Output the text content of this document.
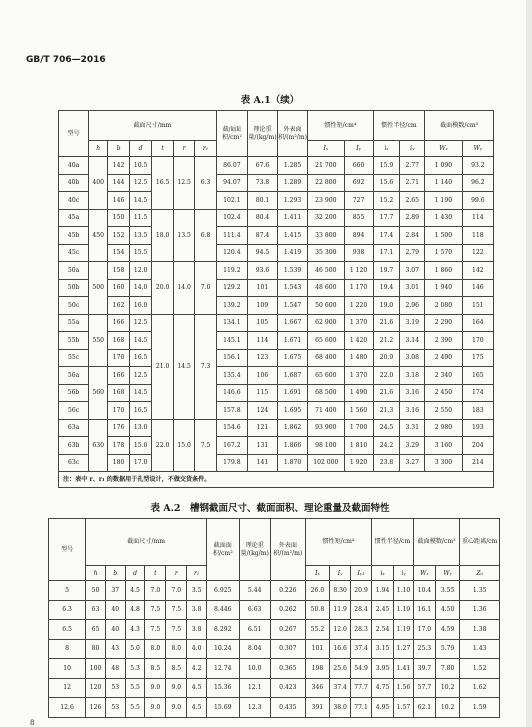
GB/T 706—2016
表 A.1（续）
型号	截面尺寸/mm						截面面积/cm²	理论重量/(kg/m)	外表面积/(m²/m)	惯性矩/cm⁴		惯性半径/cm		截面模数/cm³	
	h	b	d	t	r	r₁				Iₓ	Iᵧ	iₓ	iᵧ	Wₓ	Wᵧ
40a	400	142	10.5	16.5	12.5	6.3	86.07	67.6	1.285	21 700	660	15.9	2.77	1 090	93.2
40b		144	12.5				94.07	73.8	1.289	22 800	692	15.6	2.71	1 140	96.2
40c		146	14.5				102.1	80.1	1.293	23 900	727	15.2	2.65	1 190	99.6
45a	450	150	11.5	18.0	13.5	6.8	102.4	80.4	1.411	32 200	855	17.7	2.89	1 430	114
45b		152	13.5				111.4	87.4	1.415	33 800	894	17.4	2.84	1 500	118
45c		154	15.5				120.4	94.5	1.419	35 300	938	17.1	2.79	1 570	122
50a	500	158	12.0	20.0	14.0	7.0	119.2	93.6	1.539	46 500	1 120	19.7	3.07	1 860	142
50b		160	14.0				129.2	101	1.543	48 600	1 170	19.4	3.01	1 940	146
50c		162	16.0				139.2	109	1.547	50 600	1 220	19.0	2.96	2 080	151
55a	550	166	12.5	21.0	14.5	7.3	134.1	105	1.667	62 900	1 370	21.6	3.19	2 290	164
55b		168	14.5				145.1	114	1.671	65 600	1 420	21.2	3.14	2 390	170
55c		170	16.5				156.1	123	1.675	68 400	1 480	20.9	3.08	2 490	175
56a	560	166	12.5				135.4	106	1.687	65 600	1 370	22.0	3.18	2 340	165
56b		168	14.5				146.6	115	1.691	68 500	1 490	21.6	3.16	2 450	174
56c		170	16.5				157.8	124	1.695	71 400	1 560	21.3	3.16	2 550	183
63a	630	176	13.0	22.0	15.0	7.5	154.6	121	1.862	93 900	1 700	24.5	3.31	2 980	193
63b		178	15.0				167.2	131	1.866	98 100	1 810	24.2	3.29	3 160	204
63c		180	17.0				179.8	141	1.870	102 000	1 920	23.8	3.27	3 300	214
注：表中 r、r₁ 的数据用于孔型设计，不做交货条件。															
表 A.2　槽钢截面尺寸、截面面积、理论重量及截面特性
型号	截面尺寸/mm						截面面积/cm²	理论重量/(kg/m)	外表面积/(m²/m)	惯性矩/cm⁴			惯性半径/cm		截面模数/cm³		重心距离/cm
	h	b	d	t	r	r₁				Iₓ	Iᵧ	Iᵧ₁	iₓ	iᵧ	Wₓ	Wᵧ	Z₀
5	50	37	4.5	7.0	7.0	3.5	6.925	5.44	0.226	26.0	8.30	20.9	1.94	1.10	10.4	3.55	1.35
6.3	63	40	4.8	7.5	7.5	3.8	8.446	6.63	0.262	50.8	11.9	28.4	2.45	1.19	16.1	4.50	1.36
6.5	65	40	4.3	7.5	7.5	3.8	8.292	6.51	0.267	55.2	12.0	28.3	2.54	1.19	17.0	4.59	1.38
8	80	43	5.0	8.0	8.0	4.0	10.24	8.04	0.307	101	16.6	37.4	3.15	1.27	25.3	5.79	1.43
10	100	48	5.3	8.5	8.5	4.2	12.74	10.0	0.365	198	25.6	54.9	3.95	1.41	39.7	7.80	1.52
12	120	53	5.5	9.0	9.0	4.5	15.36	12.1	0.423	346	37.4	77.7	4.75	1.56	57.7	10.2	1.62
12.6	126	53	5.5	9.0	9.0	4.5	15.69	12.3	0.435	391	38.0	77.1	4.95	1.57	62.1	10.2	1.59
8
